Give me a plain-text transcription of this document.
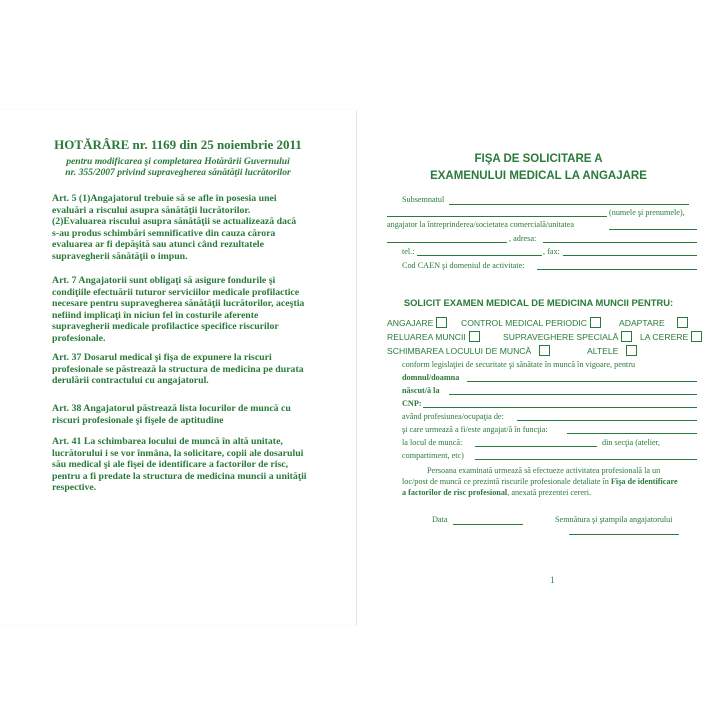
HOTĂRÂRE nr. 1169 din 25 noiembrie 2011
pentru modificarea şi completarea Hotărârii Guvernului
nr. 355/2007 privind supravegherea sănătăţii lucrătorilor
Art. 5 (1)Angajatorul trebuie să se afle în posesia unei
evaluări a riscului asupra sănătăţii lucrătorilor.
(2)Evaluarea riscului asupra sănătăţii se actualizează dacă
s-au produs schimbări semnificative din cauza cărora
evaluarea ar fi depăşită sau atunci când rezultatele
supravegherii sănătăţii o impun.
Art. 7 Angajatorii sunt obligaţi să asigure fondurile şi
condiţiile efectuării tuturor serviciilor medicale profilactice
necesare pentru supravegherea sănătăţii lucrătorilor, aceştia
nefiind implicaţi în niciun fel în costurile aferente
supravegherii medicale profilactice specifice riscurilor
profesionale.
Art. 37 Dosarul medical şi fişa de expunere la riscuri
profesionale se păstrează la structura de medicina pe durata
derulării contractului cu angajatorul.
Art. 38 Angajatorul păstrează lista locurilor de muncă cu
riscuri profesionale şi fişele de aptitudine
Art. 41 La schimbarea locului de muncă în altă unitate,
lucrătorului i se vor înmâna, la solicitare, copii ale dosarului
său medical şi ale fişei de identificare a factorilor de risc,
pentru a fi predate la structura de medicina muncii a unităţii
respective.
FIŞA DE SOLICITARE A
EXAMENULUI MEDICAL LA ANGAJARE
Subsemnatul
(numele şi prenumele),
angajator la întreprinderea/societatea comercială/unitatea
, adresa:
tel.:	, fax:
Cod CAEN şi domeniul de activitate:
SOLICIT EXAMEN MEDICAL DE MEDICINA MUNCII PENTRU:
ANGAJARE	CONTROL MEDICAL PERIODIC	ADAPTARE
RELUAREA MUNCII	SUPRAVEGHERE SPECIALĂ	LA CERERE
SCHIMBAREA LOCULUI DE MUNCĂ	ALTELE
conform legislaţiei de securitate şi sănătate în muncă în vigoare, pentru
domnul/doamna
născut/ă la
CNP:
având profesiunea/ocupaţia de:
şi care urmează a fi/este angajat/ă în funcţia:
la locul de muncă:	din secţia (atelier,
compartiment, etc)
Persoana examinată urmează să efectueze activitatea profesională la un
loc/post de muncă ce prezintă riscurile profesionale detaliate în Fişa de identificare
a factorilor de risc profesional, anexată prezentei cereri.
Data	Semnătura şi ştampila angajatorului
1
